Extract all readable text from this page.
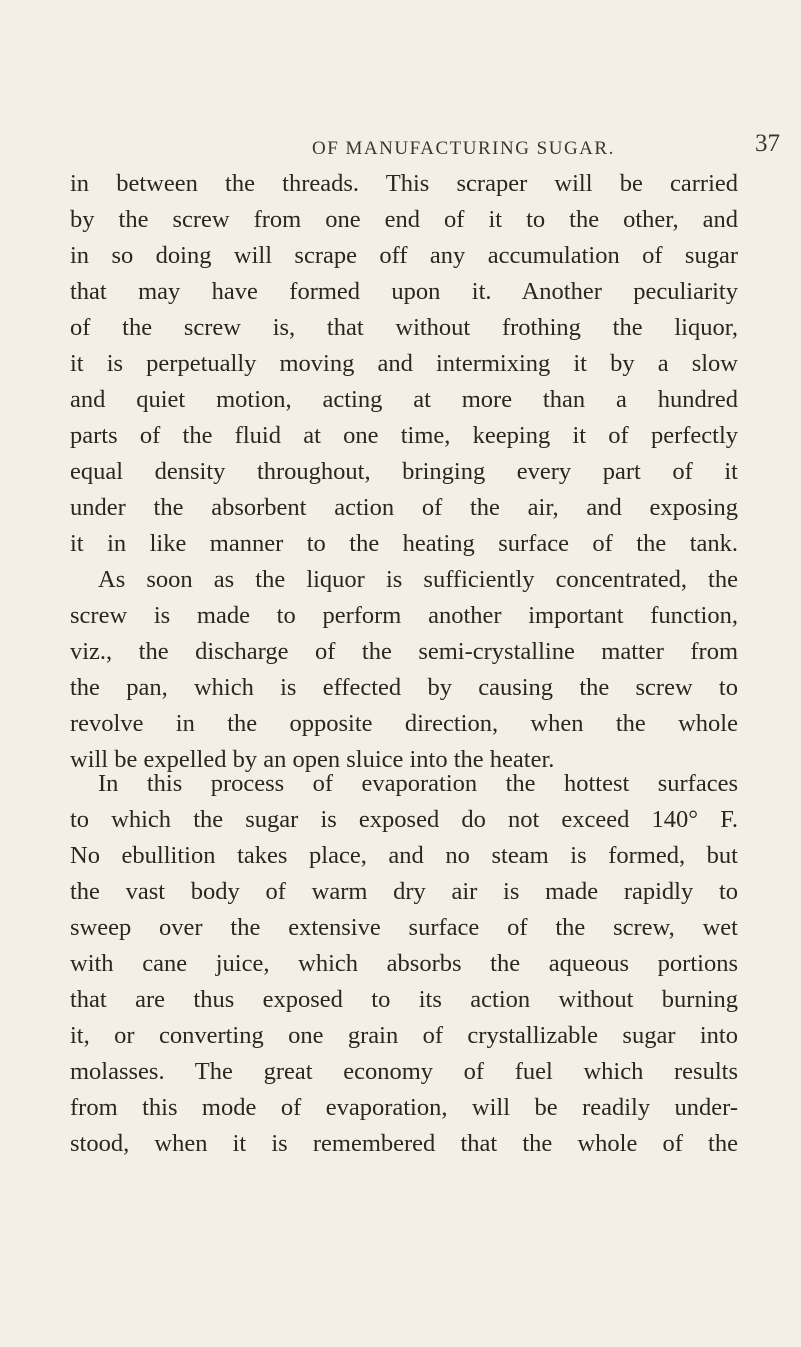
OF MANUFACTURING SUGAR.	37
in between the threads. This scraper will be carried
by the screw from one end of it to the other, and
in so doing will scrape off any accumulation of sugar
that may have formed upon it. Another peculiarity
of the screw is, that without frothing the liquor,
it is perpetually moving and intermixing it by a slow
and quiet motion, acting at more than a hundred
parts of the fluid at one time, keeping it of perfectly
equal density throughout, bringing every part of it
under the absorbent action of the air, and exposing
it in like manner to the heating surface of the tank.
As soon as the liquor is sufficiently concentrated, the
screw is made to perform another important function,
viz., the discharge of the semi-crystalline matter from
the pan, which is effected by causing the screw to
revolve in the opposite direction, when the whole
will be expelled by an open sluice into the heater.
In this process of evaporation the hottest surfaces
to which the sugar is exposed do not exceed 140° F.
No ebullition takes place, and no steam is formed, but
the vast body of warm dry air is made rapidly to
sweep over the extensive surface of the screw, wet
with cane juice, which absorbs the aqueous portions
that are thus exposed to its action without burning
it, or converting one grain of crystallizable sugar into
molasses. The great economy of fuel which results
from this mode of evaporation, will be readily under-
stood, when it is remembered that the whole of the
